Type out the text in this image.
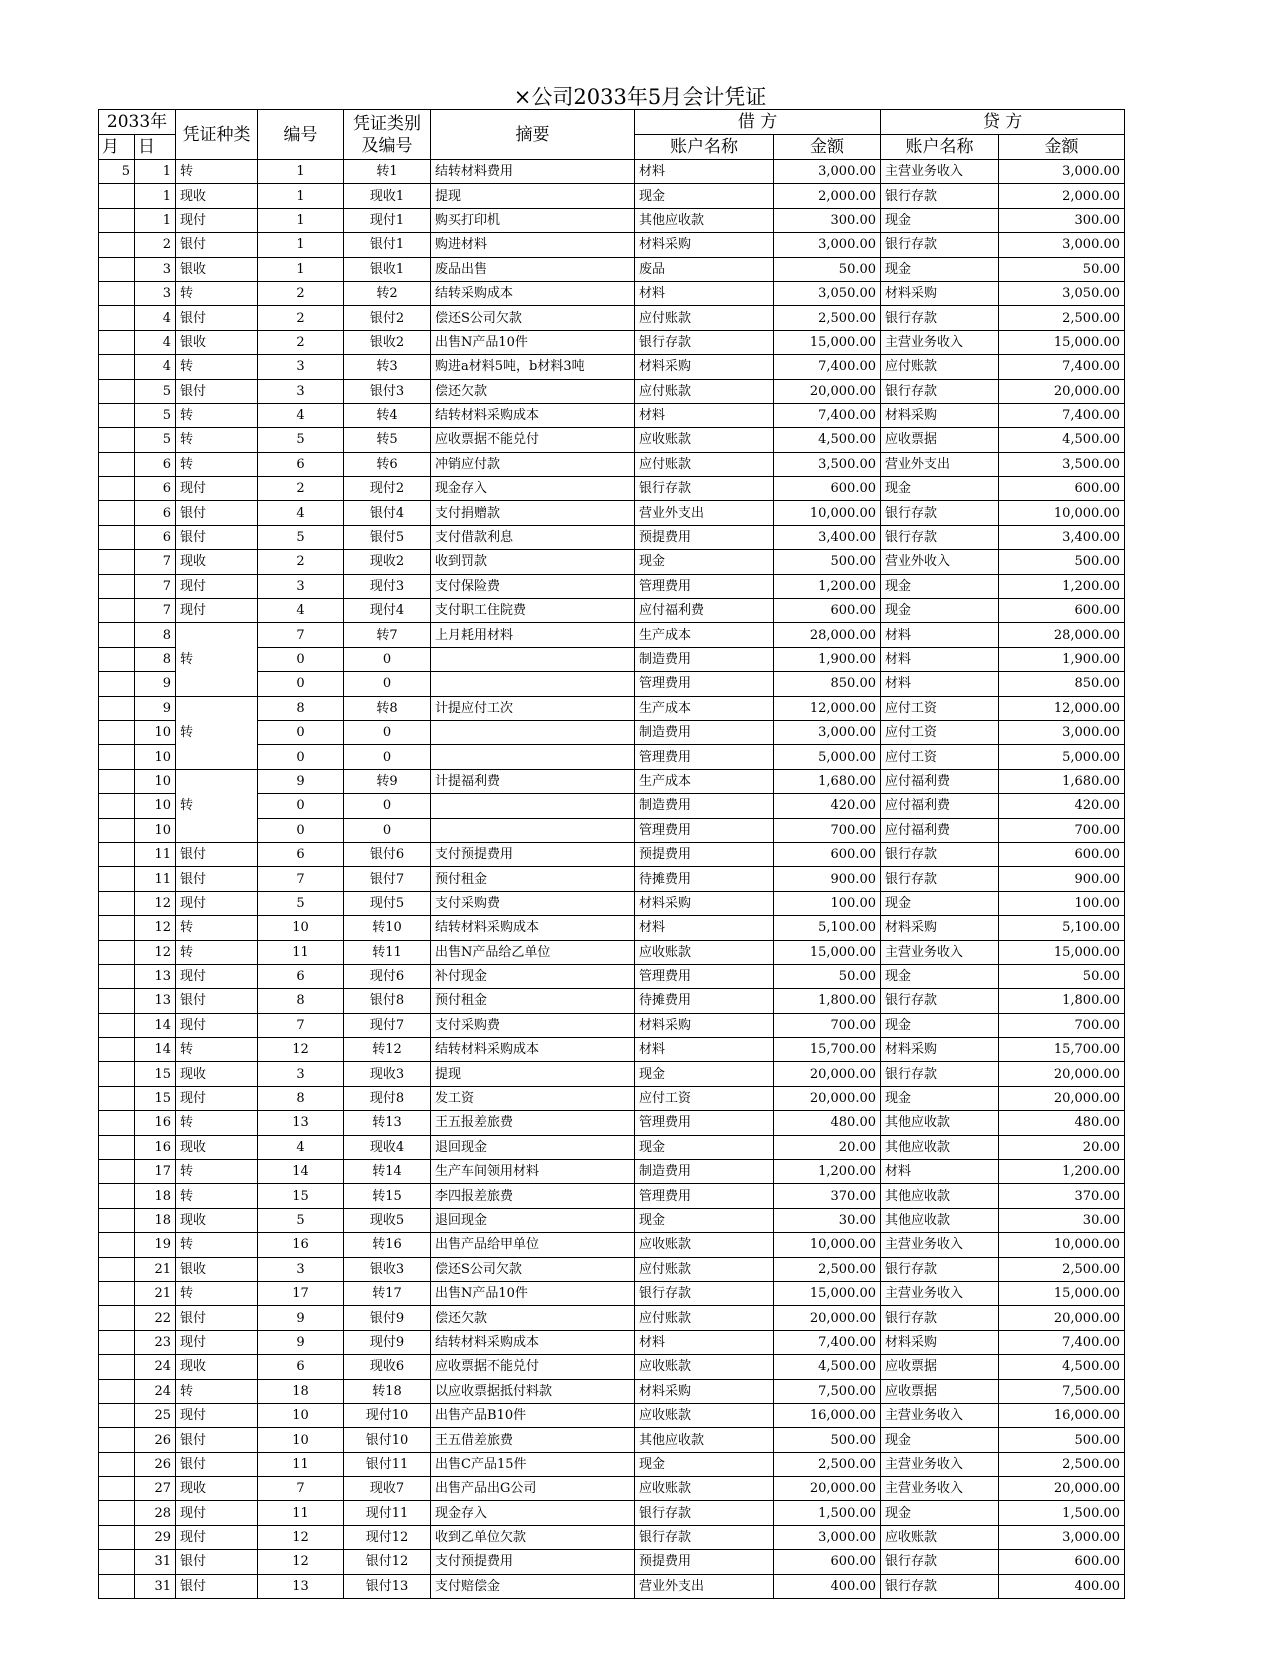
×公司2033年5月会计凭证
2033年		凭证种类	编号	凭证类别
及编号	摘要	借 方		贷 方	
月	日					账户名称	金额	账户名称	金额
5	1	转	1	转1	结转材料费用	材料	3,000.00	主营业务收入	3,000.00
	1	现收	1	现收1	提现	现金	2,000.00	银行存款	2,000.00
	1	现付	1	现付1	购买打印机	其他应收款	300.00	现金	300.00
	2	银付	1	银付1	购进材料	材料采购	3,000.00	银行存款	3,000.00
	3	银收	1	银收1	废品出售	废品	50.00	现金	50.00
	3	转	2	转2	结转采购成本	材料	3,050.00	材料采购	3,050.00
	4	银付	2	银付2	偿还S公司欠款	应付账款	2,500.00	银行存款	2,500.00
	4	银收	2	银收2	出售N产品10件	银行存款	15,000.00	主营业务收入	15,000.00
	4	转	3	转3	购进a材料5吨，b材料3吨	材料采购	7,400.00	应付账款	7,400.00
	5	银付	3	银付3	偿还欠款	应付账款	20,000.00	银行存款	20,000.00
	5	转	4	转4	结转材料采购成本	材料	7,400.00	材料采购	7,400.00
	5	转	5	转5	应收票据不能兑付	应收账款	4,500.00	应收票据	4,500.00
	6	转	6	转6	冲销应付款	应付账款	3,500.00	营业外支出	3,500.00
	6	现付	2	现付2	现金存入	银行存款	600.00	现金	600.00
	6	银付	4	银付4	支付捐赠款	营业外支出	10,000.00	银行存款	10,000.00
	6	银付	5	银付5	支付借款利息	预提费用	3,400.00	银行存款	3,400.00
	7	现收	2	现收2	收到罚款	现金	500.00	营业外收入	500.00
	7	现付	3	现付3	支付保险费	管理费用	1,200.00	现金	1,200.00
	7	现付	4	现付4	支付职工住院费	应付福利费	600.00	现金	600.00
	8	转	7	转7	上月耗用材料	生产成本	28,000.00	材料	28,000.00
	8		0	0		制造费用	1,900.00	材料	1,900.00
	9		0	0		管理费用	850.00	材料	850.00
	9	转	8	转8	计提应付工次	生产成本	12,000.00	应付工资	12,000.00
	10		0	0		制造费用	3,000.00	应付工资	3,000.00
	10		0	0		管理费用	5,000.00	应付工资	5,000.00
	10	转	9	转9	计提福利费	生产成本	1,680.00	应付福利费	1,680.00
	10		0	0		制造费用	420.00	应付福利费	420.00
	10		0	0		管理费用	700.00	应付福利费	700.00
	11	银付	6	银付6	支付预提费用	预提费用	600.00	银行存款	600.00
	11	银付	7	银付7	预付租金	待摊费用	900.00	银行存款	900.00
	12	现付	5	现付5	支付采购费	材料采购	100.00	现金	100.00
	12	转	10	转10	结转材料采购成本	材料	5,100.00	材料采购	5,100.00
	12	转	11	转11	出售N产品给乙单位	应收账款	15,000.00	主营业务收入	15,000.00
	13	现付	6	现付6	补付现金	管理费用	50.00	现金	50.00
	13	银付	8	银付8	预付租金	待摊费用	1,800.00	银行存款	1,800.00
	14	现付	7	现付7	支付采购费	材料采购	700.00	现金	700.00
	14	转	12	转12	结转材料采购成本	材料	15,700.00	材料采购	15,700.00
	15	现收	3	现收3	提现	现金	20,000.00	银行存款	20,000.00
	15	现付	8	现付8	发工资	应付工资	20,000.00	现金	20,000.00
	16	转	13	转13	王五报差旅费	管理费用	480.00	其他应收款	480.00
	16	现收	4	现收4	退回现金	现金	20.00	其他应收款	20.00
	17	转	14	转14	生产车间领用材料	制造费用	1,200.00	材料	1,200.00
	18	转	15	转15	李四报差旅费	管理费用	370.00	其他应收款	370.00
	18	现收	5	现收5	退回现金	现金	30.00	其他应收款	30.00
	19	转	16	转16	出售产品给甲单位	应收账款	10,000.00	主营业务收入	10,000.00
	21	银收	3	银收3	偿还S公司欠款	应付账款	2,500.00	银行存款	2,500.00
	21	转	17	转17	出售N产品10件	银行存款	15,000.00	主营业务收入	15,000.00
	22	银付	9	银付9	偿还欠款	应付账款	20,000.00	银行存款	20,000.00
	23	现付	9	现付9	结转材料采购成本	材料	7,400.00	材料采购	7,400.00
	24	现收	6	现收6	应收票据不能兑付	应收账款	4,500.00	应收票据	4,500.00
	24	转	18	转18	以应收票据抵付料款	材料采购	7,500.00	应收票据	7,500.00
	25	现付	10	现付10	出售产品B10件	应收账款	16,000.00	主营业务收入	16,000.00
	26	银付	10	银付10	王五借差旅费	其他应收款	500.00	现金	500.00
	26	银付	11	银付11	出售C产品15件	现金	2,500.00	主营业务收入	2,500.00
	27	现收	7	现收7	出售产品出G公司	应收账款	20,000.00	主营业务收入	20,000.00
	28	现付	11	现付11	现金存入	银行存款	1,500.00	现金	1,500.00
	29	现付	12	现付12	收到乙单位欠款	银行存款	3,000.00	应收账款	3,000.00
	31	银付	12	银付12	支付预提费用	预提费用	600.00	银行存款	600.00
	31	银付	13	银付13	支付赔偿金	营业外支出	400.00	银行存款	400.00
